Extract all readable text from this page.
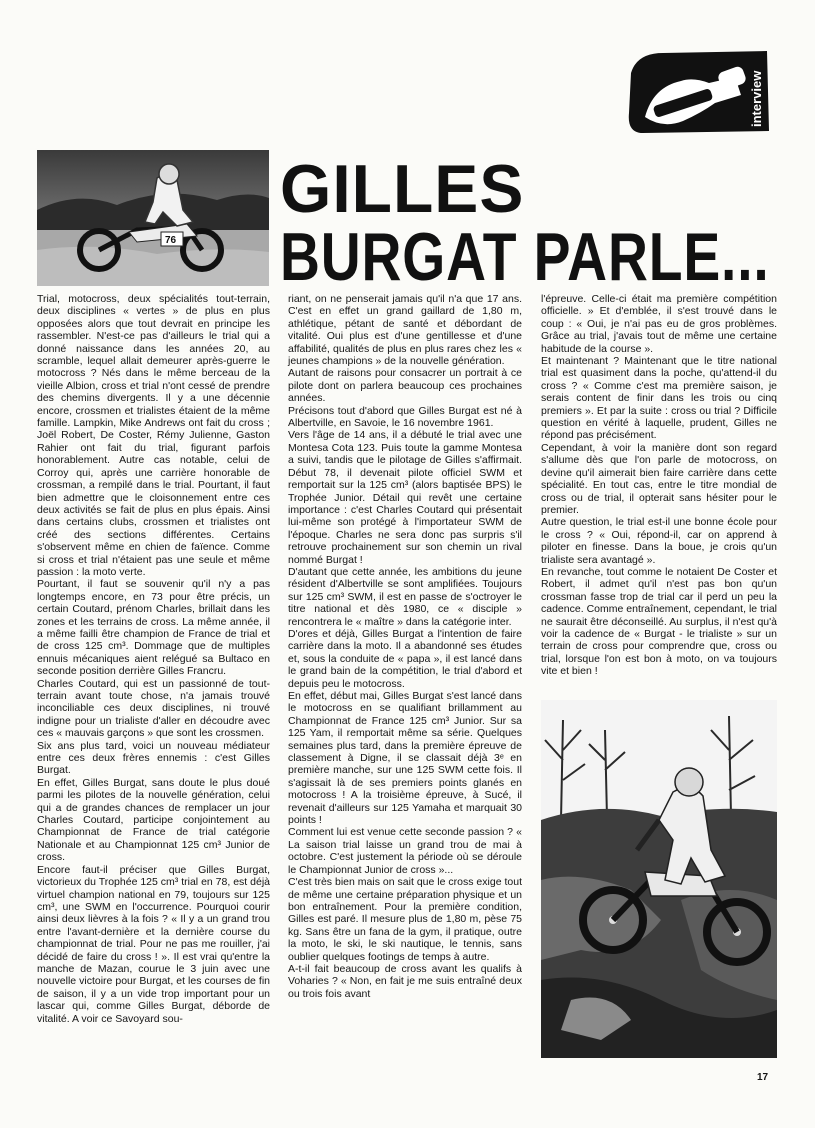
interview
76
GILLES
BURGAT PARLE...

Trial, motocross, deux spécialités tout-terrain, deux disciplines « vertes » de plus en plus opposées alors que tout devrait en principe les rassembler. N'est-ce pas d'ailleurs le trial qui a donné naissance dans les années 20, au scramble, lequel allait demeurer après-guerre le motocross ? Nés dans le même berceau de la vieille Albion, cross et trial n'ont cessé de prendre des chemins divergents. Il y a une décennie encore, crossmen et trialistes étaient de la même famille. Lampkin, Mike Andrews ont fait du cross ; Joël Robert, De Coster, Rémy Julienne, Gaston Rahier ont fait du trial, figurant parfois honorablement. Autre cas notable, celui de Corroy qui, après une carrière honorable de crossman, a rempilé dans le trial. Pourtant, il faut bien admettre que le cloisonnement entre ces deux activités se fait de plus en plus épais. Ainsi dans certains clubs, crossmen et trialistes ont créé des sections différentes. Certains s'observent même en chien de faïence. Comme si cross et trial n'étaient pas une seule et même passion : la moto verte.

Pourtant, il faut se souvenir qu'il n'y a pas longtemps encore, en 73 pour être précis, un certain Coutard, prénom Charles, brillait dans les zones et les terrains de cross. La même année, il a même failli être champion de France de trial et de cross 125 cm³. Dommage que de multiples ennuis mécaniques aient relégué sa Bultaco en seconde position derrière Gilles Francru.

Charles Coutard, qui est un passionné de tout-terrain avant toute chose, n'a jamais trouvé inconciliable ces deux disciplines, ni trouvé indigne pour un trialiste d'aller en découdre avec ces « mauvais garçons » que sont les crossmen.

Six ans plus tard, voici un nouveau médiateur entre ces deux frères ennemis : c'est Gilles Burgat.

En effet, Gilles Burgat, sans doute le plus doué parmi les pilotes de la nouvelle génération, celui qui a de grandes chances de remplacer un jour Charles Coutard, participe conjointement au Championnat de France de trial catégorie Nationale et au Championnat 125 cm³ Junior de cross.

Encore faut-il préciser que Gilles Burgat, victorieux du Trophée 125 cm³ trial en 78, est déjà virtuel champion national en 79, toujours sur 125 cm³, une SWM en l'occurrence. Pourquoi courir ainsi deux lièvres à la fois ? « Il y a un grand trou entre l'avant-dernière et la dernière course du championnat de trial. Pour ne pas me rouiller, j'ai décidé de faire du cross ! ». Il est vrai qu'entre la manche de Mazan, courue le 3 juin avec une nouvelle victoire pour Burgat, et les courses de fin de saison, il y a un vide trop important pour un lascar qui, comme Gilles Burgat, déborde de vitalité. A voir ce Savoyard sou-

riant, on ne penserait jamais qu'il n'a que 17 ans. C'est en effet un grand gaillard de 1,80 m, athlétique, pétant de santé et débordant de vitalité. Oui plus est d'une gentillesse et d'une affabilité, qualités de plus en plus rares chez les « jeunes champions » de la nouvelle génération.

Autant de raisons pour consacrer un portrait à ce pilote dont on parlera beaucoup ces prochaines années.

Précisons tout d'abord que Gilles Burgat est né à Albertville, en Savoie, le 16 novembre 1961.

Vers l'âge de 14 ans, il a débuté le trial avec une Montesa Cota 123. Puis toute la gamme Montesa a suivi, tandis que le pilotage de Gilles s'affirmait. Début 78, il devenait pilote officiel SWM et remportait sur la 125 cm³ (alors baptisée BPS) le Trophée Junior. Détail qui revêt une certaine importance : c'est Charles Coutard qui présentait lui-même son protégé à l'importateur SWM de l'époque. Charles ne sera donc pas surpris s'il retrouve prochainement sur son chemin un rival nommé Burgat !

D'autant que cette année, les ambitions du jeune résident d'Albertville se sont amplifiées. Toujours sur 125 cm³ SWM, il est en passe de s'octroyer le titre national et dès 1980, ce « disciple » rencontrera le « maître » dans la catégorie inter.

D'ores et déjà, Gilles Burgat a l'intention de faire carrière dans la moto. Il a abandonné ses études et, sous la conduite de « papa », il est lancé dans le grand bain de la compétition, le trial d'abord et depuis peu le motocross.

En effet, début mai, Gilles Burgat s'est lancé dans le motocross en se qualifiant brillamment au Championnat de France 125 cm³ Junior. Sur sa 125 Yam, il remportait même sa série. Quelques semaines plus tard, dans la première épreuve de classement à Digne, il se classait déjà 3ᵉ en première manche, sur une 125 SWM cette fois. Il s'agissait là de ses premiers points glanés en motocross ! A la troisième épreuve, à Sucé, il revenait d'ailleurs sur 125 Yamaha et marquait 30 points !

Comment lui est venue cette seconde passion ? « La saison trial laisse un grand trou de mai à octobre. C'est justement la période où se déroule le Championnat Junior de cross »...

C'est très bien mais on sait que le cross exige tout de même une certaine préparation physique et un bon entraînement. Pour la première condition, Gilles est paré. Il mesure plus de 1,80 m, pèse 75 kg. Sans être un fana de la gym, il pratique, outre la moto, le ski, le ski nautique, le tennis, sans oublier quelques footings de temps à autre.

A-t-il fait beaucoup de cross avant les qualifs à Voharies ? « Non, en fait je me suis entraîné deux ou trois fois avant

l'épreuve. Celle-ci était ma première compétition officielle. » Et d'emblée, il s'est trouvé dans le coup : « Oui, je n'ai pas eu de gros problèmes. Grâce au trial, j'avais tout de même une certaine habitude de la course ».

Et maintenant ? Maintenant que le titre national trial est quasiment dans la poche, qu'attend-il du cross ? « Comme c'est ma première saison, je serais content de finir dans les trois ou cinq premiers ». Et par la suite : cross ou trial ? Difficile question en vérité à laquelle, prudent, Gilles ne répond pas précisément.

Cependant, à voir la manière dont son regard s'allume dès que l'on parle de motocross, on devine qu'il aimerait bien faire carrière dans cette spécialité. En tout cas, entre le titre mondial de cross ou de trial, il opterait sans hésiter pour le premier.

Autre question, le trial est-il une bonne école pour le cross ? « Oui, répond-il, car on apprend à piloter en finesse. Dans la boue, je crois qu'un trialiste sera avantagé ».

En revanche, tout comme le notaient De Coster et Robert, il admet qu'il n'est pas bon qu'un crossman fasse trop de trial car il perd un peu la cadence. Comme entraînement, cependant, le trial ne saurait être déconseillé. Au surplus, il n'est qu'à voir la cadence de « Burgat - le trialiste » sur un terrain de cross pour comprendre que, cross ou trial, lorsque l'on est bon à moto, on va toujours vite et bien !

17
